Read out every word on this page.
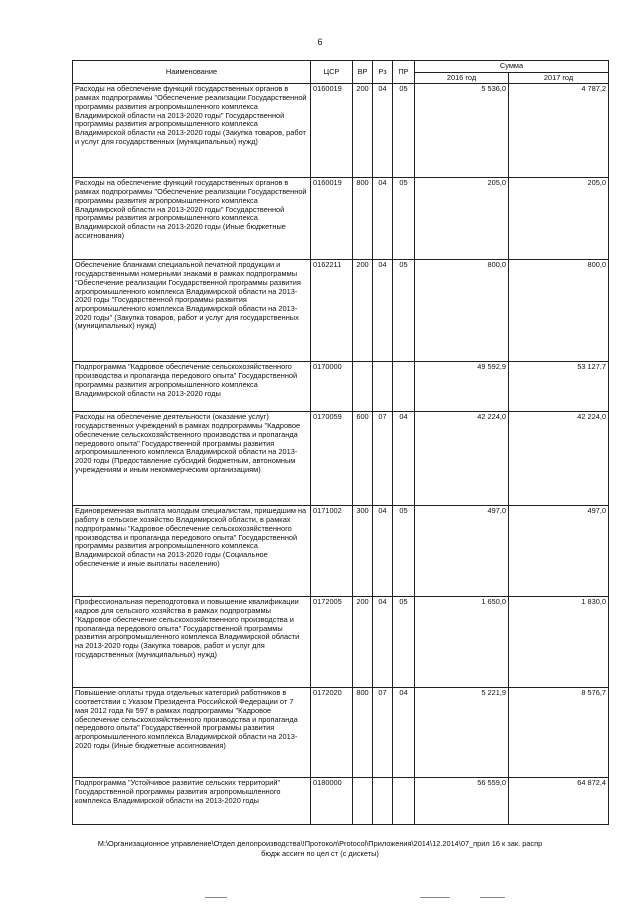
6
Наименование	ЦСР	ВР	Рз	ПР	Сумма	
					2016 год	2017 год
Расходы на обеспечение функций государственных органов в рамках подпрограммы "Обеспечение реализации Государственной программы развития агропромышленного комплекса Владимирской области на 2013-2020 годы" Государственной программы развития агропромышленного комплекса Владимирской области на 2013-2020 годы (Закупка товаров, работ и услуг для государственных (муниципальных) нужд)	0160019	200	04	05	5 536,0	4 787,2
Расходы на обеспечение функций государственных органов в рамках подпрограммы "Обеспечение реализации Государственной программы развития агропромышленного комплекса Владимирской области на 2013-2020 годы" Государственной программы развития агропромышленного комплекса Владимирской области на 2013-2020 годы (Иные бюджетные ассигнования)	0160019	800	04	05	205,0	205,0
Обеспечение бланками специальной печатной продукции и государственными номерными знаками в рамках подпрограммы "Обеспечение реализации Государственной программы развития агропромышленного комплекса Владимирской области на 2013-2020 годы "Государственной программы развития агропромышленного комплекса Владимирской области на 2013-2020 годы" (Закупка товаров, работ и услуг для государственных (муниципальных) нужд)	0162211	200	04	05	800,0	800,0
Подпрограмма "Кадровое обеспечение сельскохозяйственного производства и пропаганда передового опыта" Государственной программы развития агропромышленного комплекса Владимирской области на 2013-2020 годы	0170000				49 592,9	53 127,7
Расходы на обеспечение деятельности (оказание услуг) государственных учреждений в рамках подпрограммы "Кадровое обеспечение сельскохозяйственного производства и пропаганда передового опыта" Государственной программы развития агропромышленного комплекса Владимирской области на 2013-2020 годы (Предоставление субсидий бюджетным, автономным учреждениям и иным некоммерческим организациям)	0170059	600	07	04	42 224,0	42 224,0
Единовременная выплата молодым специалистам, пришедшим на работу в сельское хозяйство Владимирской области, в рамках подпрограммы "Кадровое обеспечение сельскохозяйственного производства и пропаганда передового опыта" Государственной программы развития агропромышленного комплекса Владимирской области на 2013-2020 годы (Социальное обеспечение и иные выплаты населению)	0171002	300	04	05	497,0	497,0
Профессиональная переподготовка и повышение квалификации кадров для сельского хозяйства в рамках подпрограммы "Кадровое обеспечение сельскохозяйственного производства и пропаганда передового опыта" Государственной программы развития агропромышленного комплекса Владимирской области на 2013-2020 годы (Закупка товаров, работ и услуг для государственных (муниципальных) нужд)	0172005	200	04	05	1 650,0	1 830,0
Повышение оплаты труда отдельных категорий работников в соответствии с Указом Президента Российской Федерации от 7 мая 2012 года № 597 в рамках подпрограммы "Кадровое обеспечение сельскохозяйственного производства и пропаганда передового опыта" Государственной программы развития агропромышленного комплекса Владимирской области на 2013-2020 годы (Иные бюджетные ассигнования)	0172020	800	07	04	5 221,9	8 576,7
Подпрограмма "Устойчивое развитие сельских территорий" Государственной программы развития агропромышленного комплекса Владимирской области на 2013-2020 годы	0180000				56 559,0	64 872,4
M:\Организационное управление\Отдел делопроизводства\!Протокол\Protocol\Приложения\2014\12.2014\07_прил 16 к зак. распр
бюдж ассигн по цел ст (с дискеты)
